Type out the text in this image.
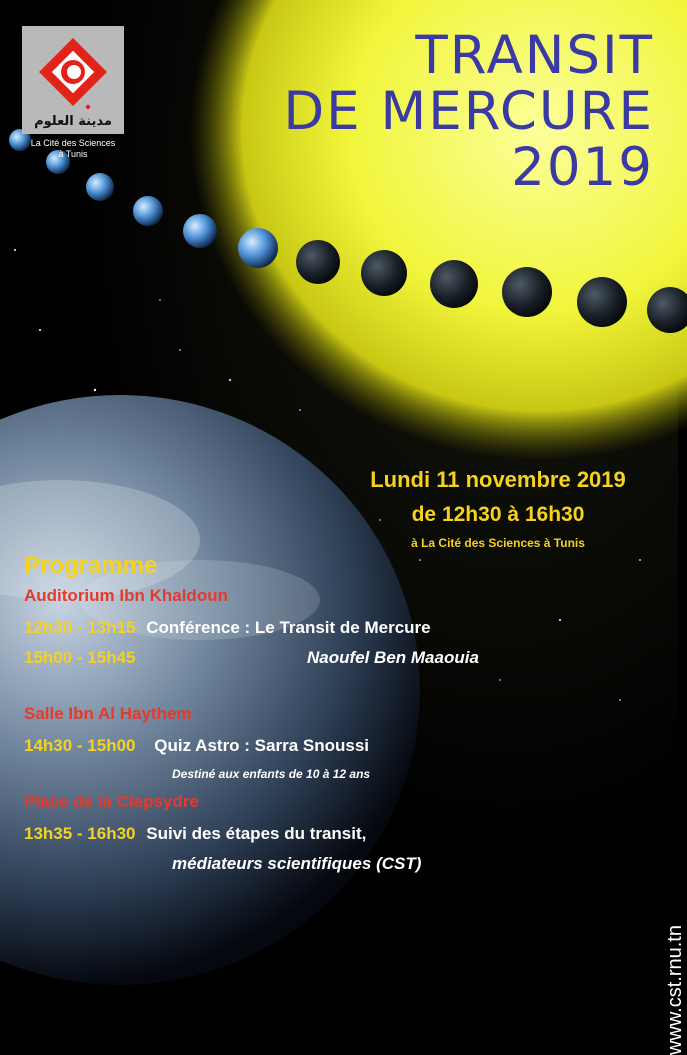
مدينة العلوم
La Cité des Sciences
à Tunis
TRANSIT
DE MERCURE
2019
Lundi 11 novembre 2019
de 12h30 à 16h30
à La Cité des Sciences à Tunis
Programme
Auditorium Ibn Khaldoun
12h30 - 13h15 Conférence : Le Transit de Mercure
15h00 - 15h45	Naoufel Ben Maaouia
Salle Ibn Al Haythem
14h30 - 15h00 Quiz Astro : Sarra Snoussi
Destiné aux enfants de 10 à 12 ans
Place de la Clepsydre
13h35 - 16h30 Suivi des étapes du transit,
médiateurs scientifiques (CST)
www.cst.rnu.tn
